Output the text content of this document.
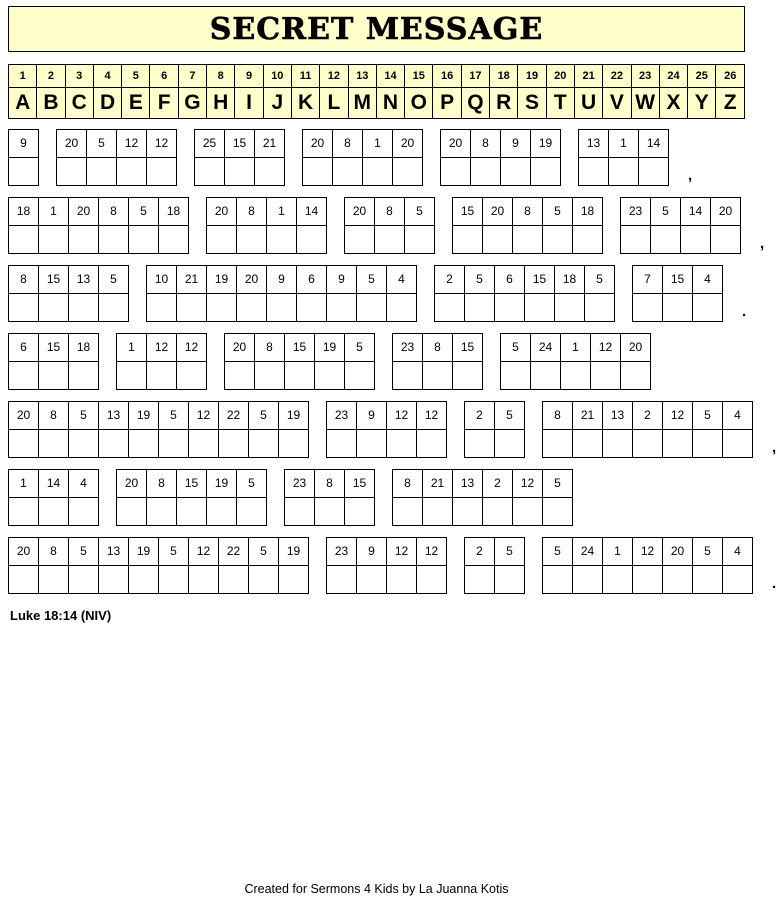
SECRET MESSAGE
1	2	3	4	5	6	7	8	9	10	11	12	13	14	15	16	17	18	19	20	21	22	23	24	25	26
A	B	C	D	E	F	G	H	I	J	K	L	M	N	O	P	Q	R	S	T	U	V	W	X	Y	Z
9	20	5	12	12	25	15	21	20	8	1	20	20	8	9	19	13	1	14
,
18	1	20	8	5	18	20	8	1	14	20	8	5	15	20	8	5	18	23	5	14	20
,
8	15	13	5	10	21	19	20	9	6	9	5	4	2	5	6	15	18	5	7	15	4
.
6	15	18	1	12	12	20	8	15	19	5	23	8	15	5	24	1	12	20
20	8	5	13	19	5	12	22	5	19	23	9	12	12	2	5	8	21	13	2	12	5	4
,
1	14	4	20	8	15	19	5	23	8	15	8	21	13	2	12	5
20	8	5	13	19	5	12	22	5	19	23	9	12	12	2	5	5	24	1	12	20	5	4
.
Luke 18:14 (NIV)
Created for Sermons 4 Kids by La Juanna Kotis
